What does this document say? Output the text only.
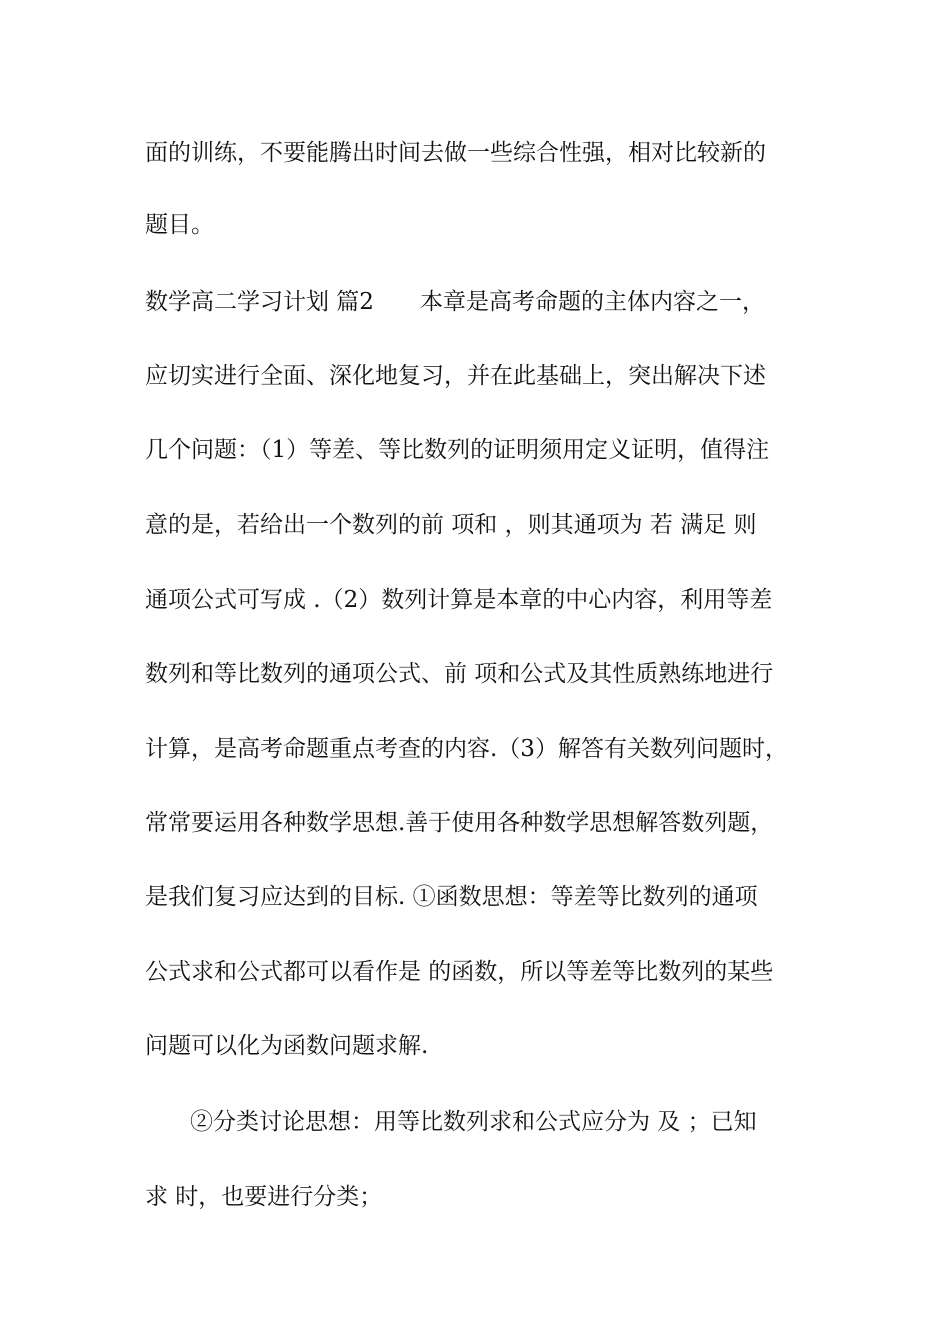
面的训练，不要能腾出时间去做一些综合性强，相对比较新的
题目。
数学高二学习计划 篇2　　本章是高考命题的主体内容之一，
应切实进行全面、深化地复习，并在此基础上，突出解决下述
几个问题：（1）等差、等比数列的证明须用定义证明，值得注
意的是，若给出一个数列的前 项和 ，则其通项为 若 满足 则
通项公式可写成 .（2）数列计算是本章的中心内容，利用等差
数列和等比数列的通项公式、前 项和公式及其性质熟练地进行
计算，是高考命题重点考查的内容.（3）解答有关数列问题时，
常常要运用各种数学思想.善于使用各种数学思想解答数列题，
是我们复习应达到的目标. ①函数思想：等差等比数列的通项
公式求和公式都可以看作是 的函数，所以等差等比数列的某些
问题可以化为函数问题求解.
②分类讨论思想：用等比数列求和公式应分为 及 ；已知
求 时，也要进行分类；
